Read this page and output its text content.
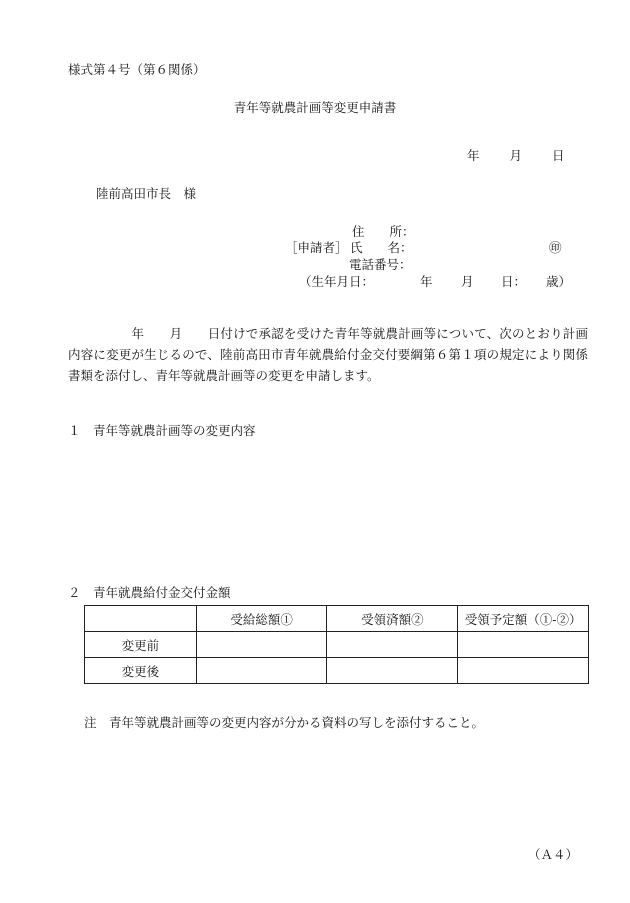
様式第４号（第６関係）
青年等就農計画等変更申請書
年 月 日
陸前高田市長　様
住　　所：
［申請者］ 氏　　名：	㊞
電話番号：
（生年月日：	年 月 日： 歳）
　　　　　年　　月　　日付けで承認を受けた青年等就農計画等について、次のとおり計画内容に変更が生じるので、陸前高田市青年就農給付金交付要綱第６第１項の規定により関係書類を添付し、青年等就農計画等の変更を申請します。
１　青年等就農計画等の変更内容
２　青年就農給付金交付金額
	受給総額①	受領済額②	受領予定額（①-②）
変更前			
変更後			
注　青年等就農計画等の変更内容が分かる資料の写しを添付すること。
（Ａ４）
